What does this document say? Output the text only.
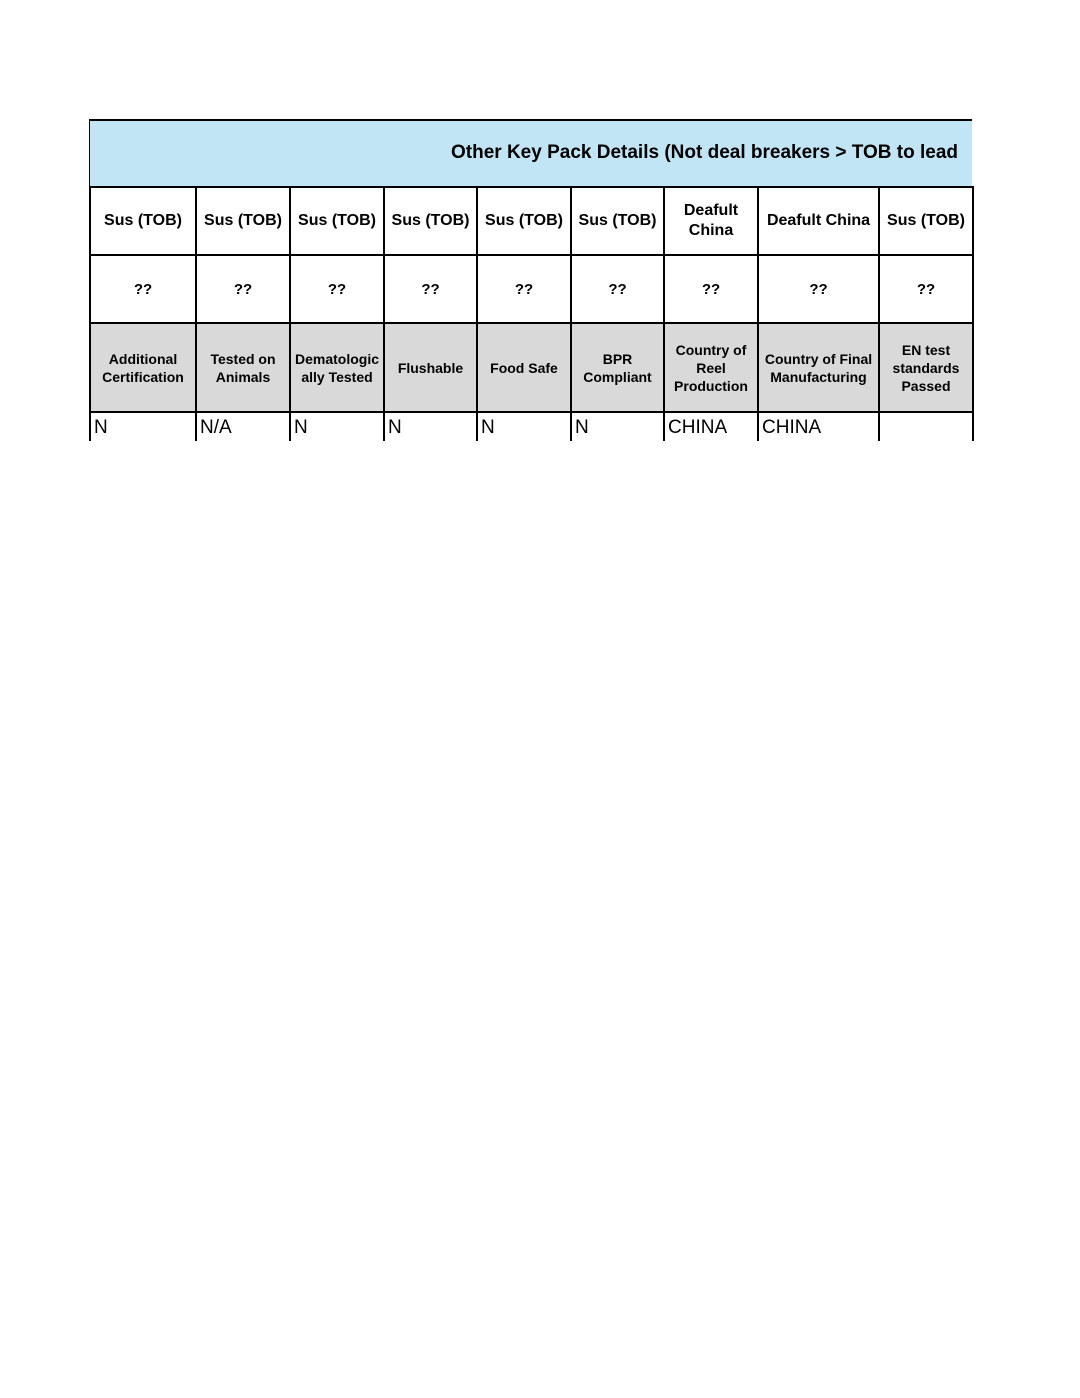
Other Key Pack Details (Not deal breakers > TOB to lead
Sus (TOB)	Sus (TOB)	Sus (TOB)	Sus (TOB)	Sus (TOB)	Sus (TOB)	Deafult China	Deafult China	Sus (TOB)
??	??	??	??	??	??	??	??	??
Additional Certification	Tested on Animals	Dematologic ally Tested	Flushable	Food Safe	BPR Compliant	Country of Reel Production	Country of Final Manufacturing	EN test standards Passed
N	N/A	N	N	N	N	CHINA	CHINA	
